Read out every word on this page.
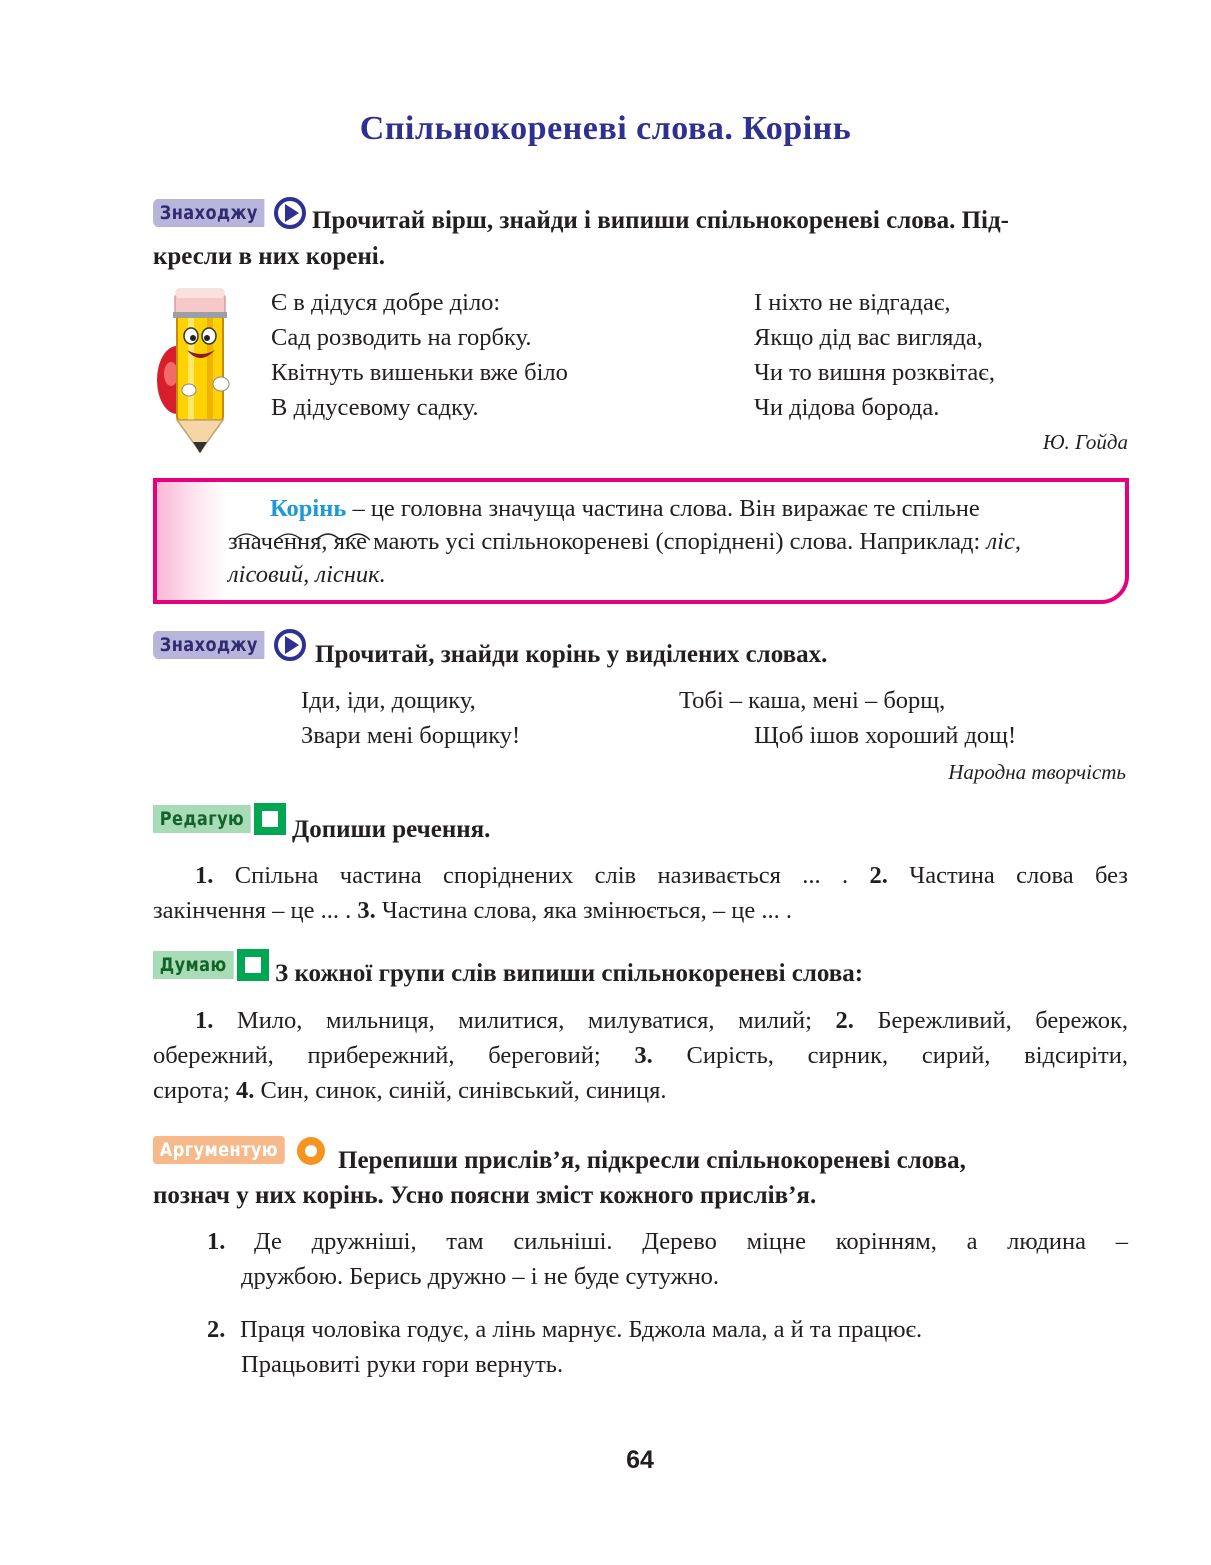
Спільнокореневі слова. Корінь
Знаходжу Прочитай вірш, знайди і випиши спільнокореневі слова. Під-
кресли в них корені.
Є в дідуся добре діло:
Сад розводить на горбку.
Квітнуть вишеньки вже біло
В дідусевому садку.
І ніхто не відгадає,
Якщо дід вас вигляда,
Чи то вишня розквітає,
Чи дідова борода.
Ю. Гойда
Корінь – це головна значуща частина слова. Він виражає те спільне
значення, яке мають усі спільнокореневі (споріднені) слова. Наприклад: ліс,
лісовий, лісник.
Знаходжу Прочитай, знайди корінь у виділених словах.
Іди, іди, дощику,
Звари мені борщику!
Тобі – каша, мені – борщ,
Щоб ішов хороший дощ!
Народна творчість
Редагую Допиши речення.
1. Спільна частина споріднених слів називається ... . 2. Частина слова без
закінчення – це ... . 3. Частина слова, яка змінюється, – це ... .
Думаю З кожної групи слів випиши спільнокореневі слова:
1. Мило, мильниця, милитися, милуватися, милий; 2. Бережливий, бережок,
обережний, прибережний, береговий; 3. Сирість, сирник, сирий, відсиріти,
сирота; 4. Син, синок, синій, синівський, синиця.
Аргументую Перепиши прислів’я, підкресли спільнокореневі слова,
познач у них корінь. Усно поясни зміст кожного прислів’я.
1. Де дружніші, там сильніші. Дерево міцне корінням, а людина –
дружбою. Берись дружно – і не буде сутужно.
2. Праця чоловіка годує, а лінь марнує. Бджола мала, а й та працює.
Працьовиті руки гори вернуть.
64
